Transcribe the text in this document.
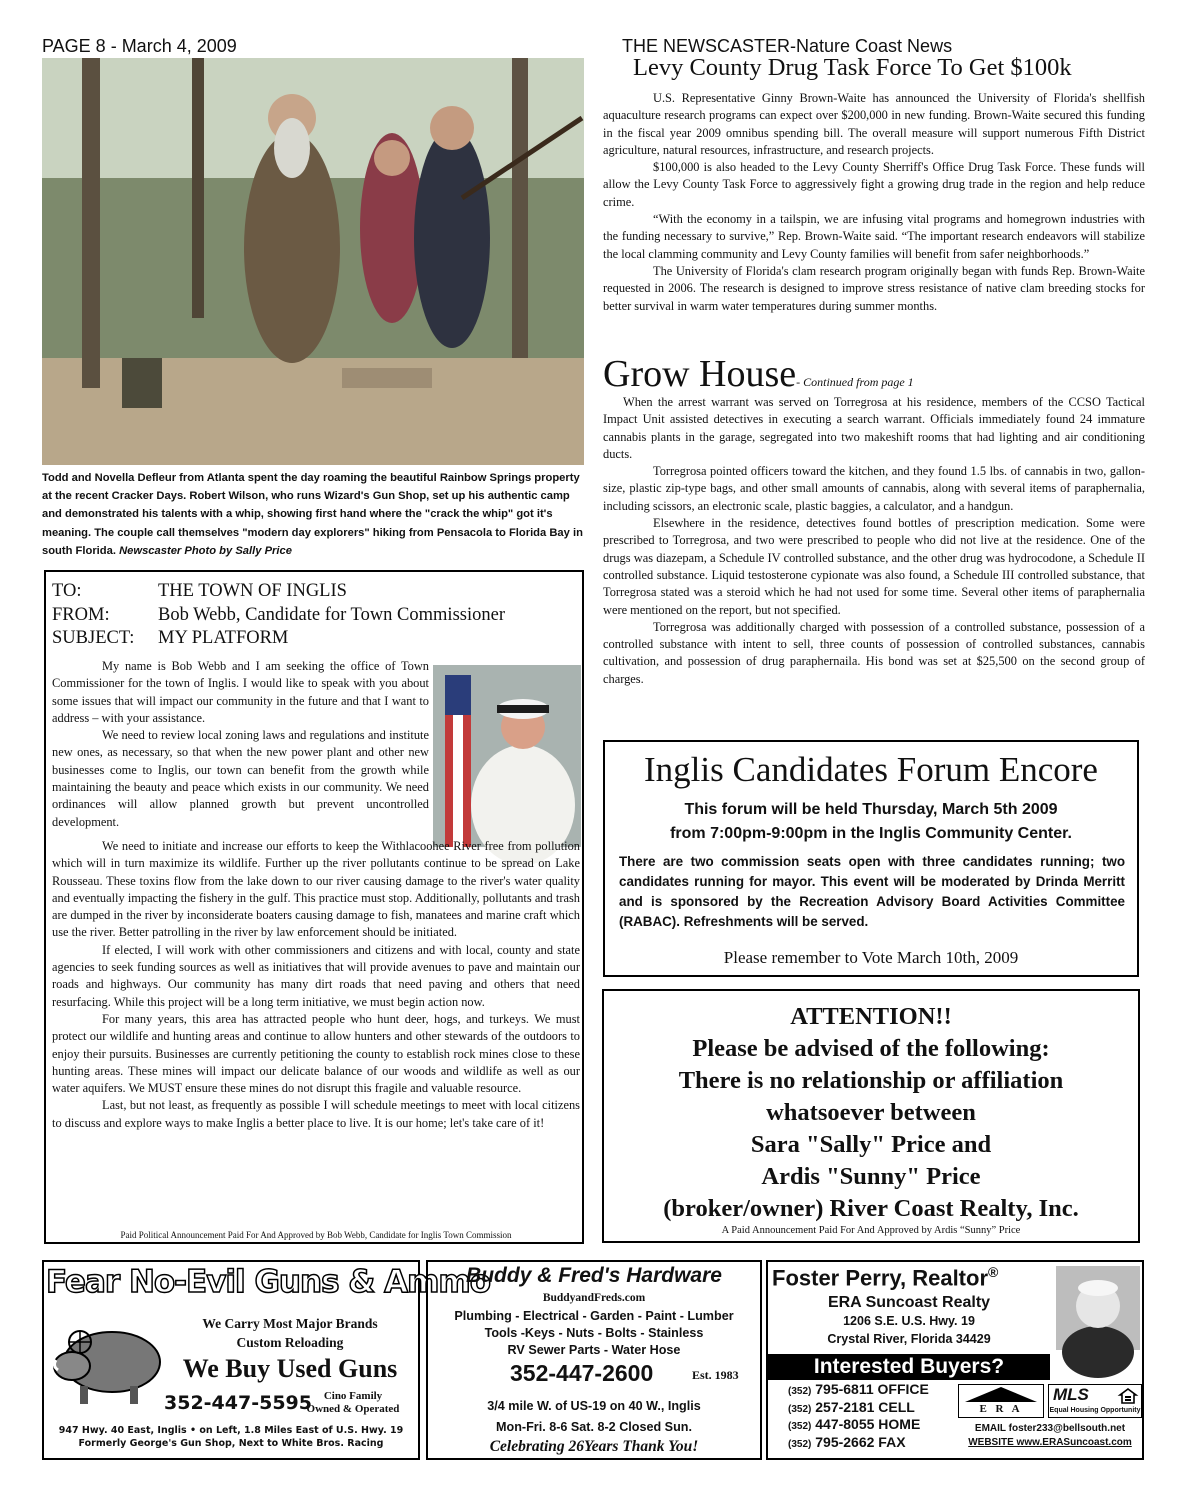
PAGE 8 - March 4, 2009	THE NEWSCASTER-Nature Coast News
Todd and Novella Defleur from Atlanta spent the day roaming the beautiful Rainbow Springs property at the recent Cracker Days. Robert Wilson, who runs Wizard's Gun Shop, set up his authentic camp and demonstrated his talents with a whip, showing first hand where the "crack the whip" got it's meaning. The couple call themselves "modern day explorers" hiking from Pensacola to Florida Bay in south Florida. Newscaster Photo by Sally Price
TO:	THE TOWN OF INGLIS
FROM:	Bob Webb, Candidate for Town Commissioner
SUBJECT: MY PLATFORM

My name is Bob Webb and I am seeking the office of Town Commissioner for the town of Inglis. I would like to speak with you about some issues that will impact our community in the future and that I want to address – with your assistance.

We need to review local zoning laws and regulations and institute new ones, as necessary, so that when the new power plant and other new businesses come to Inglis, our town can benefit from the growth while maintaining the beauty and peace which exists in our community. We need ordinances will allow planned growth but prevent uncontrolled development.

We need to initiate and increase our efforts to keep the Withlacoohee River free from pollution which will in turn maximize its wildlife. Further up the river pollutants continue to be spread on Lake Rousseau. These toxins flow from the lake down to our river causing damage to the river's water quality and eventually impacting the fishery in the gulf. This practice must stop. Additionally, pollutants and trash are dumped in the river by inconsiderate boaters causing damage to fish, manatees and marine craft which use the river. Better patrolling in the river by law enforcement should be initiated.

If elected, I will work with other commissioners and citizens and with local, county and state agencies to seek funding sources as well as initiatives that will provide avenues to pave and maintain our roads and highways. Our community has many dirt roads that need paving and others that need resurfacing. While this project will be a long term initiative, we must begin action now.

For many years, this area has attracted people who hunt deer, hogs, and turkeys. We must protect our wildlife and hunting areas and continue to allow hunters and other stewards of the outdoors to enjoy their pursuits. Businesses are currently petitioning the county to establish rock mines close to these hunting areas. These mines will impact our delicate balance of our woods and wildlife as well as our water aquifers. We MUST ensure these mines do not disrupt this fragile and valuable resource.

Last, but not least, as frequently as possible I will schedule meetings to meet with local citizens to discuss and explore ways to make Inglis a better place to live. It is our home; let's take care of it!

Paid Political Announcement Paid For And Approved by Bob Webb, Candidate for Inglis Town Commission
Levy County Drug Task Force To Get $100k

U.S. Representative Ginny Brown-Waite has announced the University of Florida's shellfish aquaculture research programs can expect over $200,000 in new funding. Brown-Waite secured this funding in the fiscal year 2009 omnibus spending bill. The overall measure will support numerous Fifth District agriculture, natural resources, infrastructure, and research projects.

$100,000 is also headed to the Levy County Sherriff's Office Drug Task Force. These funds will allow the Levy County Task Force to aggressively fight a growing drug trade in the region and help reduce crime.

“With the economy in a tailspin, we are infusing vital programs and homegrown industries with the funding necessary to survive,” Rep. Brown-Waite said. “The important research endeavors will stabilize the local clamming community and Levy County families will benefit from safer neighborhoods.”

The University of Florida's clam research program originally began with funds Rep. Brown-Waite requested in 2006. The research is designed to improve stress resistance of native clam breeding stocks for better survival in warm water temperatures during summer months.

Grow House- Continued from page 1

When the arrest warrant was served on Torregrosa at his residence, members of the CCSO Tactical Impact Unit assisted detectives in executing a search warrant. Officials immediately found 24 immature cannabis plants in the garage, segregated into two makeshift rooms that had lighting and air conditioning ducts.

Torregrosa pointed officers toward the kitchen, and they found 1.5 lbs. of cannabis in two, gallon-size, plastic zip-type bags, and other small amounts of cannabis, along with several items of paraphernalia, including scissors, an electronic scale, plastic baggies, a calculator, and a handgun.

Elsewhere in the residence, detectives found bottles of prescription medication. Some were prescribed to Torregrosa, and two were prescribed to people who did not live at the residence. One of the drugs was diazepam, a Schedule IV controlled substance, and the other drug was hydrocodone, a Schedule II controlled substance. Liquid testosterone cypionate was also found, a Schedule III controlled substance, that Torregrosa stated was a steroid which he had not used for some time. Several other items of paraphernalia were mentioned on the report, but not specified.

Torregrosa was additionally charged with possession of a controlled substance, possession of a controlled substance with intent to sell, three counts of possession of controlled substances, cannabis cultivation, and possession of drug paraphernaila. His bond was set at $25,500 on the second group of charges.

Inglis Candidates Forum Encore
This forum will be held Thursday, March 5th 2009
from 7:00pm-9:00pm in the Inglis Community Center.
There are two commission seats open with three candidates running; two candidates running for mayor. This event will be moderated by Drinda Merritt and is sponsored by the Recreation Advisory Board Activities Committee (RABAC). Refreshments will be served.
Please remember to Vote March 10th, 2009
ATTENTION!!
Please be advised of the following:
There is no relationship or affiliation
whatsoever between
Sara "Sally" Price and
Ardis "Sunny" Price
(broker/owner) River Coast Realty, Inc.
A Paid Announcement Paid For And Approved by Ardis “Sunny” Price
Fear No-Evil Guns & Ammo
We Carry Most Major Brands
Custom Reloading
We Buy Used Guns
352-447-5595	Cino Family
Owned & Operated
947 Hwy. 40 East, Inglis • on Left, 1.8 Miles East of U.S. Hwy. 19
Formerly George's Gun Shop, Next to White Bros. Racing
Buddy & Fred's Hardware
BuddyandFreds.com
Plumbing - Electrical - Garden - Paint - Lumber
Tools -Keys - Nuts - Bolts - Stainless
RV Sewer Parts - Water Hose
352-447-2600	Est. 1983
3/4 mile W. of US-19 on 40 W., Inglis
Mon-Fri. 8-6 Sat. 8-2 Closed Sun.
Celebrating 26Years Thank You!
Foster Perry, Realtor®
ERA Suncoast Realty
1206 S.E. U.S. Hwy. 19
Crystal River, Florida 34429
Interested Buyers?
(352) 795-6811 OFFICE
(352) 257-2181 CELL
(352) 447-8055 HOME
(352) 795-2662 FAX
E R A
MLS
Equal Housing Opportunity
EMAIL foster233@bellsouth.net
WEBSITE www.ERASuncoast.com
